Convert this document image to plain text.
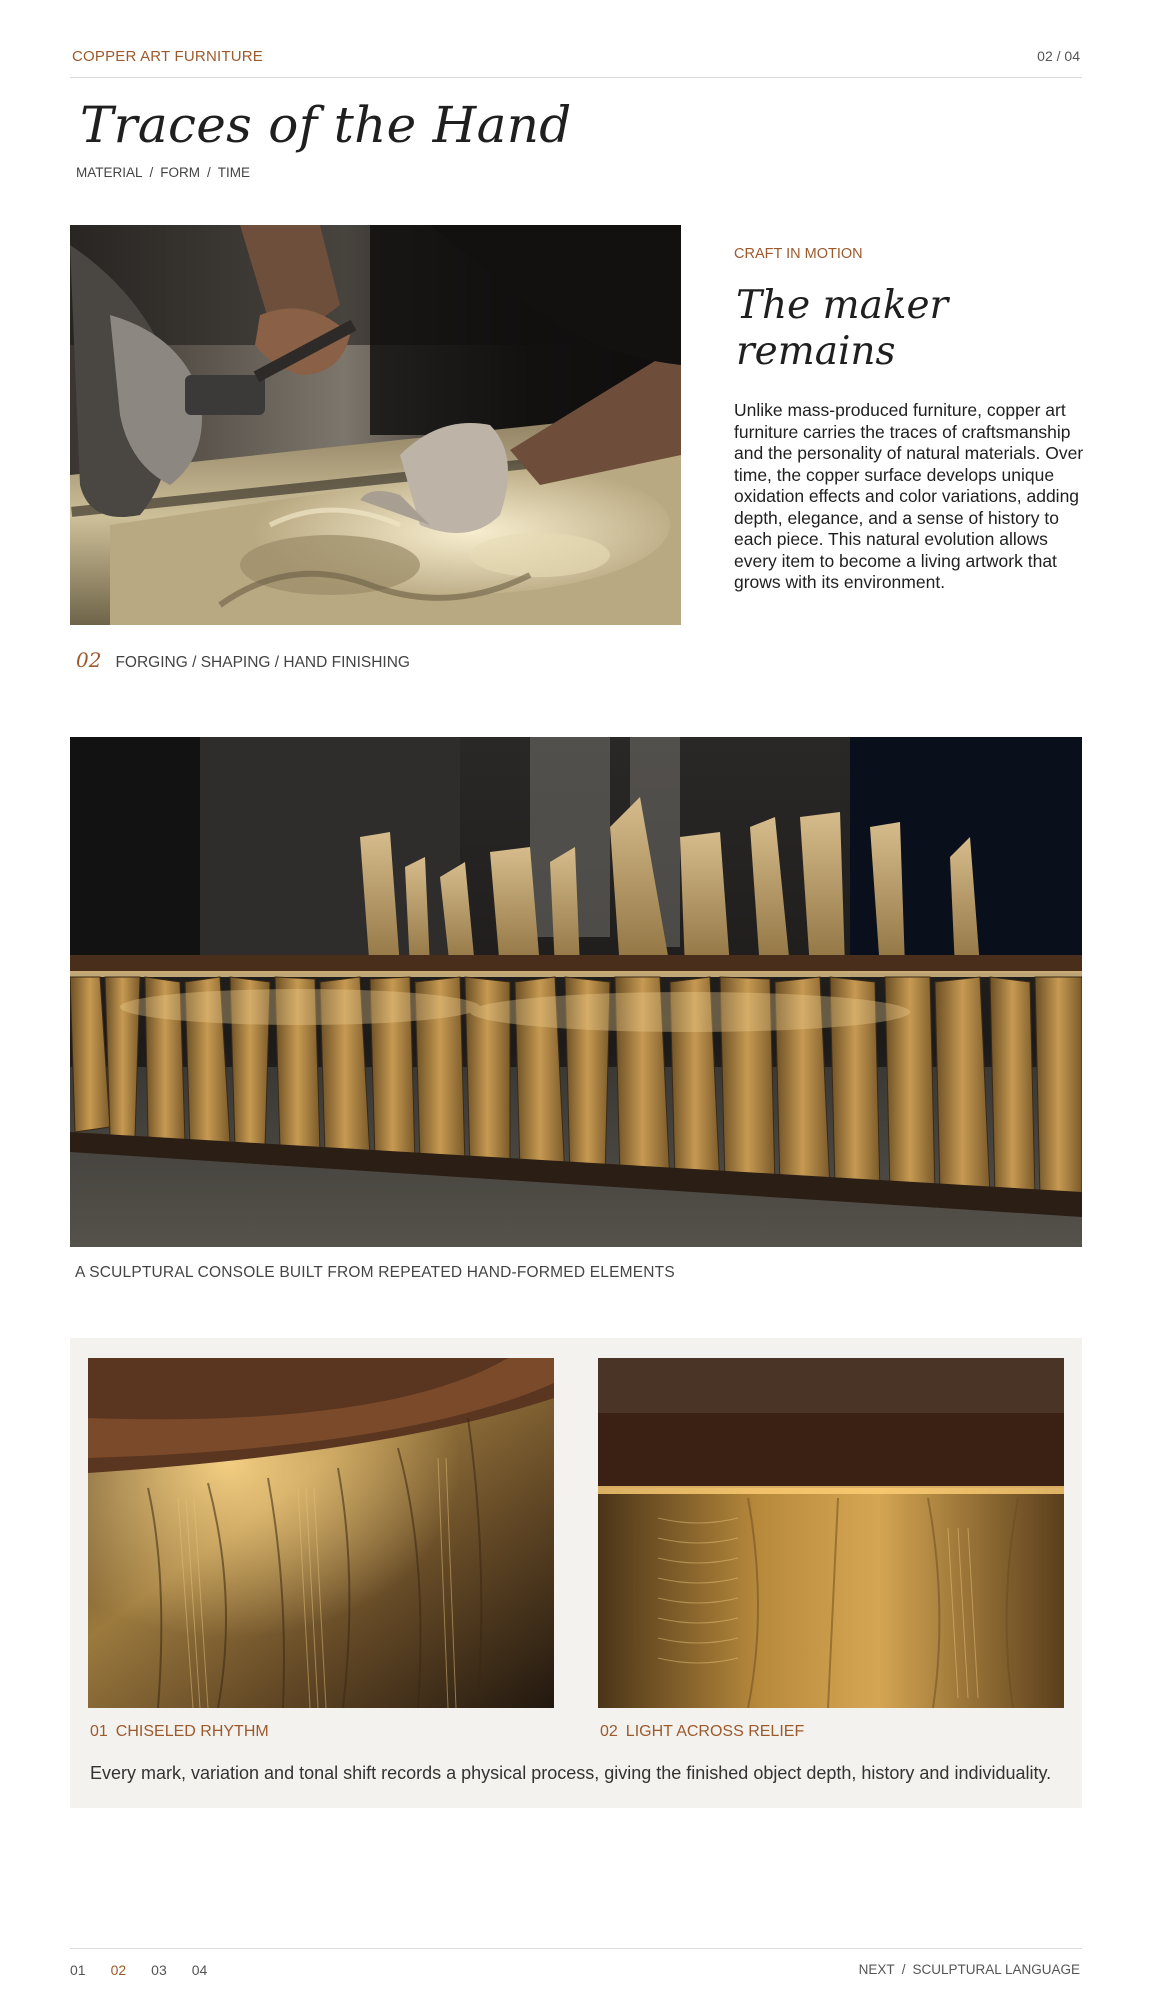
COPPER ART FURNITURE	02 / 04
Traces of the Hand
MATERIAL / FORM / TIME
CRAFT IN MOTION
The maker remains

Unlike mass-produced furniture, copper art furniture carries the traces of craftsmanship and the personality of natural materials. Over time, the copper surface develops unique oxidation effects and color variations, adding depth, elegance, and a sense of history to each piece. This natural evolution allows every item to become a living artwork that grows with its environment.

02 FORGING / SHAPING / HAND FINISHING
A SCULPTURAL CONSOLE BUILT FROM REPEATED HAND-FORMED ELEMENTS
01 CHISELED RHYTHM	02 LIGHT ACROSS RELIEF

Every mark, variation and tonal shift records a physical process, giving the finished object depth, history and individuality.

01 02 03 04	NEXT / SCULPTURAL LANGUAGE
